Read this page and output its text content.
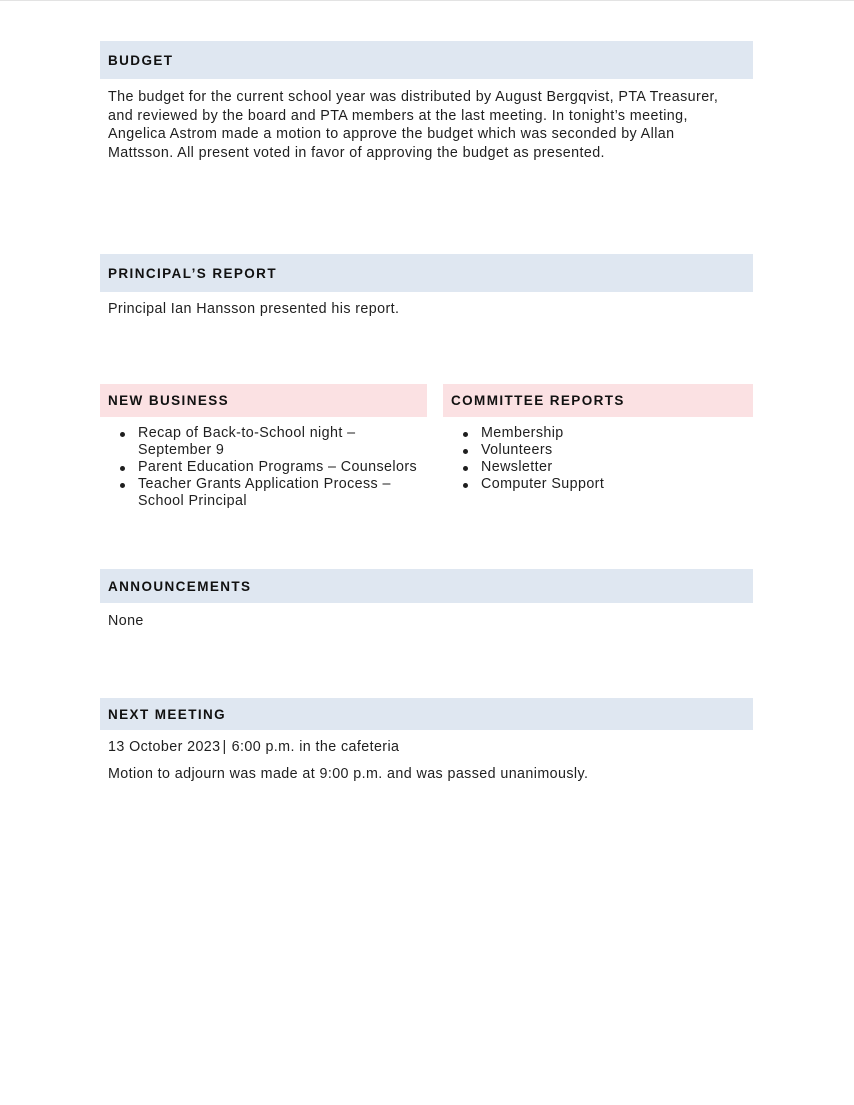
BUDGET

The budget for the current school year was distributed by August Bergqvist, PTA Treasurer, and reviewed by the board and PTA members at the last meeting. In tonight’s meeting, Angelica Astrom made a motion to approve the budget which was seconded by Allan Mattsson. All present voted in favor of approving the budget as presented.

PRINCIPAL’S REPORT

Principal Ian Hansson presented his report.

NEW BUSINESS
Recap of Back-to-School night – September 9
Parent Education Programs – Counselors
Teacher Grants Application Process – School Principal
COMMITTEE REPORTS
Membership
Volunteers
Newsletter
Computer Support
ANNOUNCEMENTS

None

NEXT MEETING

13 October 2023 | 6:00 p.m. in the cafeteria

Motion to adjourn was made at 9:00 p.m. and was passed unanimously.
